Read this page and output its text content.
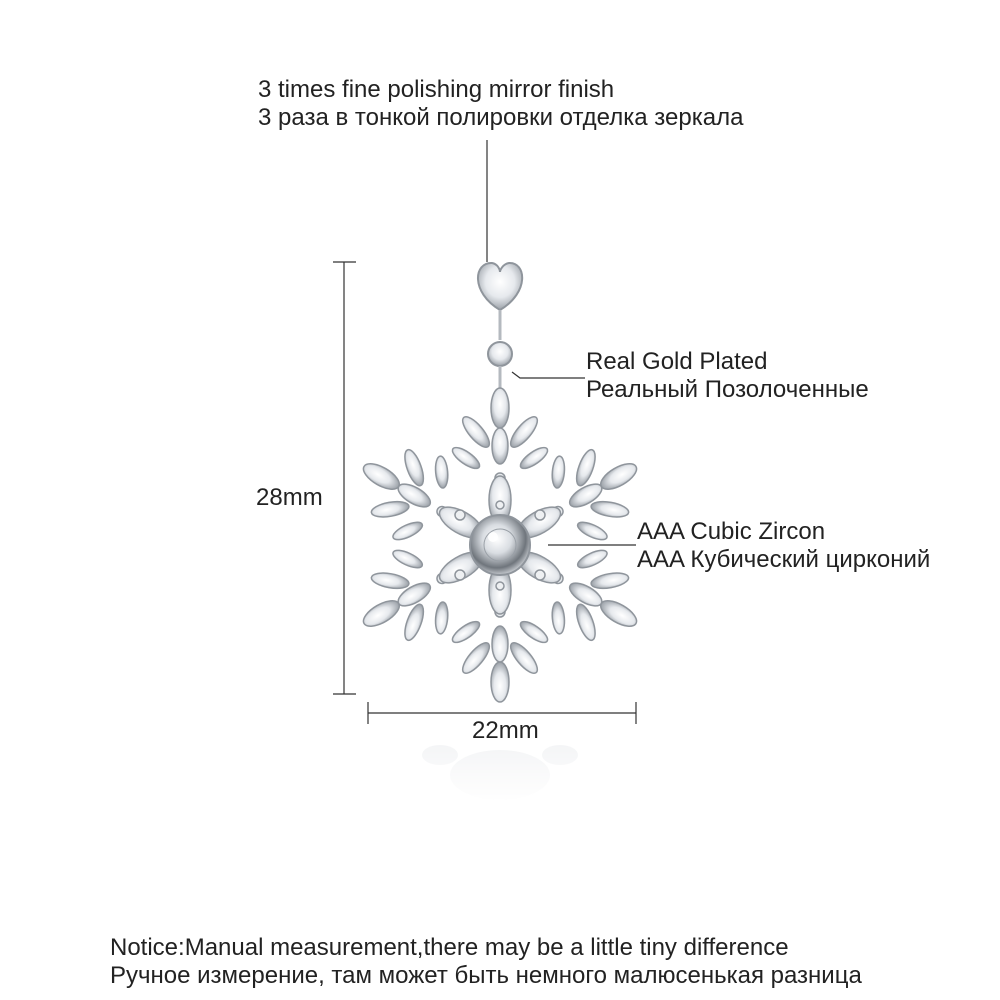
3 times fine polishing mirror finish
3 раза в тонкой полировки отделка зеркала
Real Gold Plated
Реальный Позолоченные
AAA Cubic Zircon
AAA Кубический цирконий
28mm
22mm
Notice:Manual measurement,there may be a little tiny difference
Ручное измерение, там может быть немного малюсенькая разница
